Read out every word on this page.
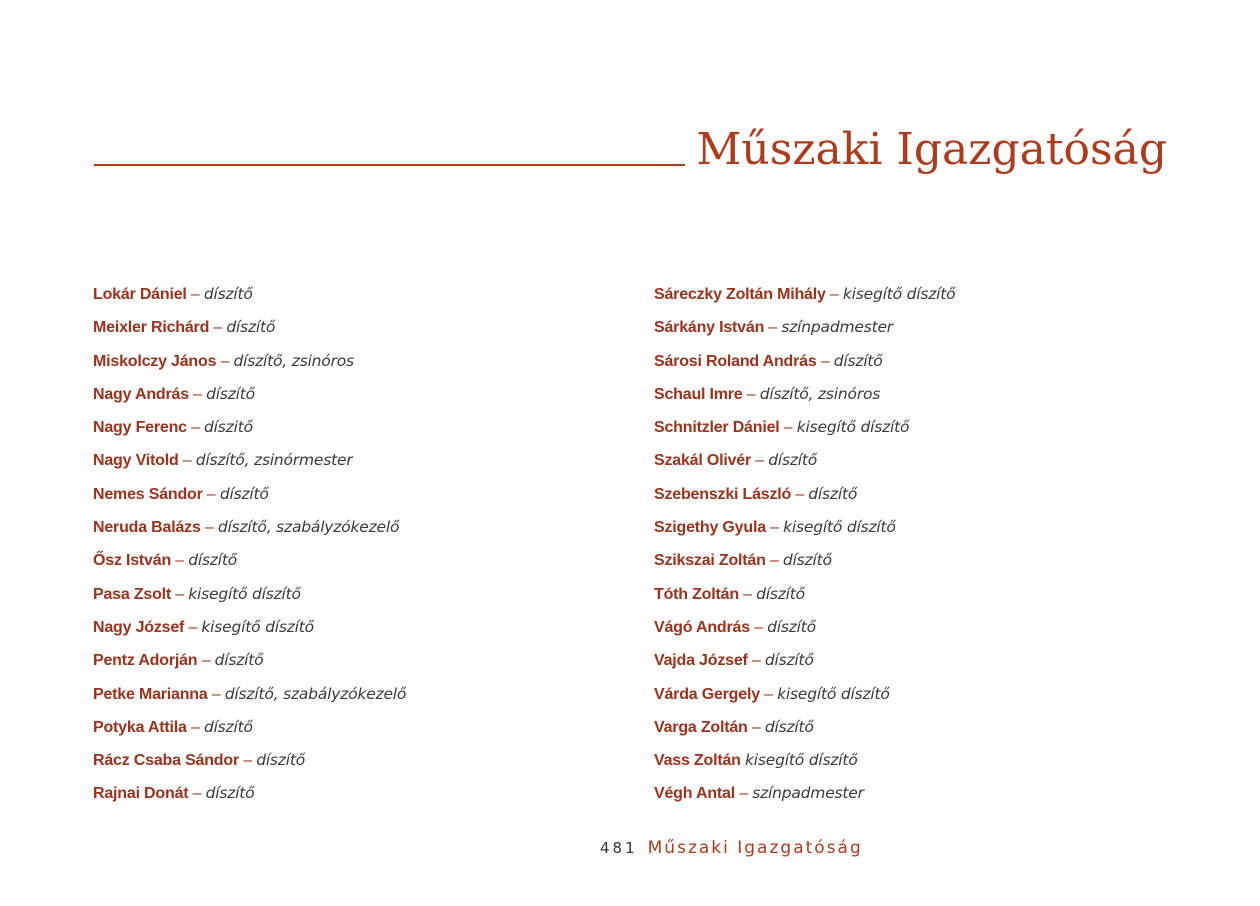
Műszaki Igazgatóság
Lokár Dániel – díszítő
Meixler Richárd – díszítő
Miskolczy János – díszítő, zsinóros
Nagy András – díszítő
Nagy Ferenc – díszitő
Nagy Vitold – díszítő, zsinórmester
Nemes Sándor – díszítő
Neruda Balázs – díszítő, szabályzókezelő
Ősz István – díszítő
Pasa Zsolt – kisegítő díszítő
Nagy József – kisegítő díszítő
Pentz Adorján – díszítő
Petke Marianna – díszítő, szabályzókezelő
Potyka Attila – díszítő
Rácz Csaba Sándor – díszítő
Rajnai Donát – díszítő
Sáreczky Zoltán Mihály – kisegítő díszítő
Sárkány István – színpadmester
Sárosi Roland András – díszítő
Schaul Imre – díszítő, zsinóros
Schnitzler Dániel – kisegítő díszítő
Szakál Olivér – díszítő
Szebenszki László – díszítő
Szigethy Gyula – kisegítő díszítő
Szikszai Zoltán – díszítő
Tóth Zoltán – díszítő
Vágó András – díszítő
Vajda József – díszítő
Várda Gergely – kisegítő díszítő
Varga Zoltán – díszítő
Vass Zoltán kisegítő díszítő
Végh Antal – színpadmester
481 Műszaki Igazgatóság
